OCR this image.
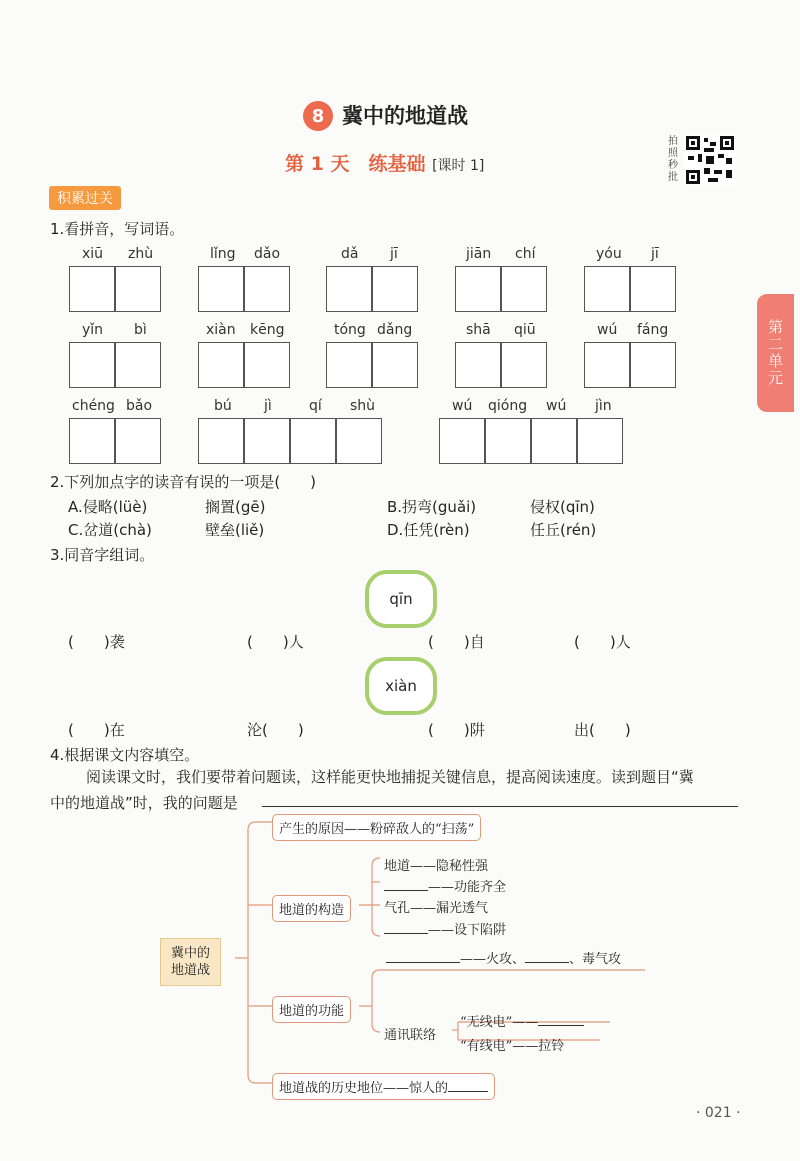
8 冀中的地道战
第 1 天　练基础 [课时 1]
拍照秒批
第二单元
积累过关
1.看拼音，写词语。
xiū zhù	lǐng dǎo	dǎ jī	jiān chí	yóu jī
yǐn bì	xiàn kēng	tóng dǎng	shā qiū	wú fáng
chéng bǎo	bú jì	qí shù	wú qióng wú jìn
2.下列加点字的读音有误的一项是(　　)
A.侵略(lüè)	搁置(gē)	B.拐弯(guǎi)	侵权(qīn)
C.岔道(chà)	壁垒(liě)	D.任凭(rèn)	任丘(rén)
3.同音字组词。
qīn
(　　)袭	(　　)人	(　　)自	(　　)人
xiàn
(　　)在	沦(　　)	(　　)阱	出(　　)
4.根据课文内容填空。
阅读课文时，我们要带着问题读，这样能更快地捕捉关键信息，提高阅读速度。读到题目“冀
中的地道战”时，我的问题是
冀中的
地道战
产生的原因——粉碎敌人的“扫荡”
地道的构造
地道——隐秘性强
——功能齐全
气孔——漏光透气
——设下陷阱
地道的功能
——火攻、	、毒气攻
通讯联络
“无线电”——
“有线电”——拉铃
地道战的历史地位——惊人的
· 021 ·
